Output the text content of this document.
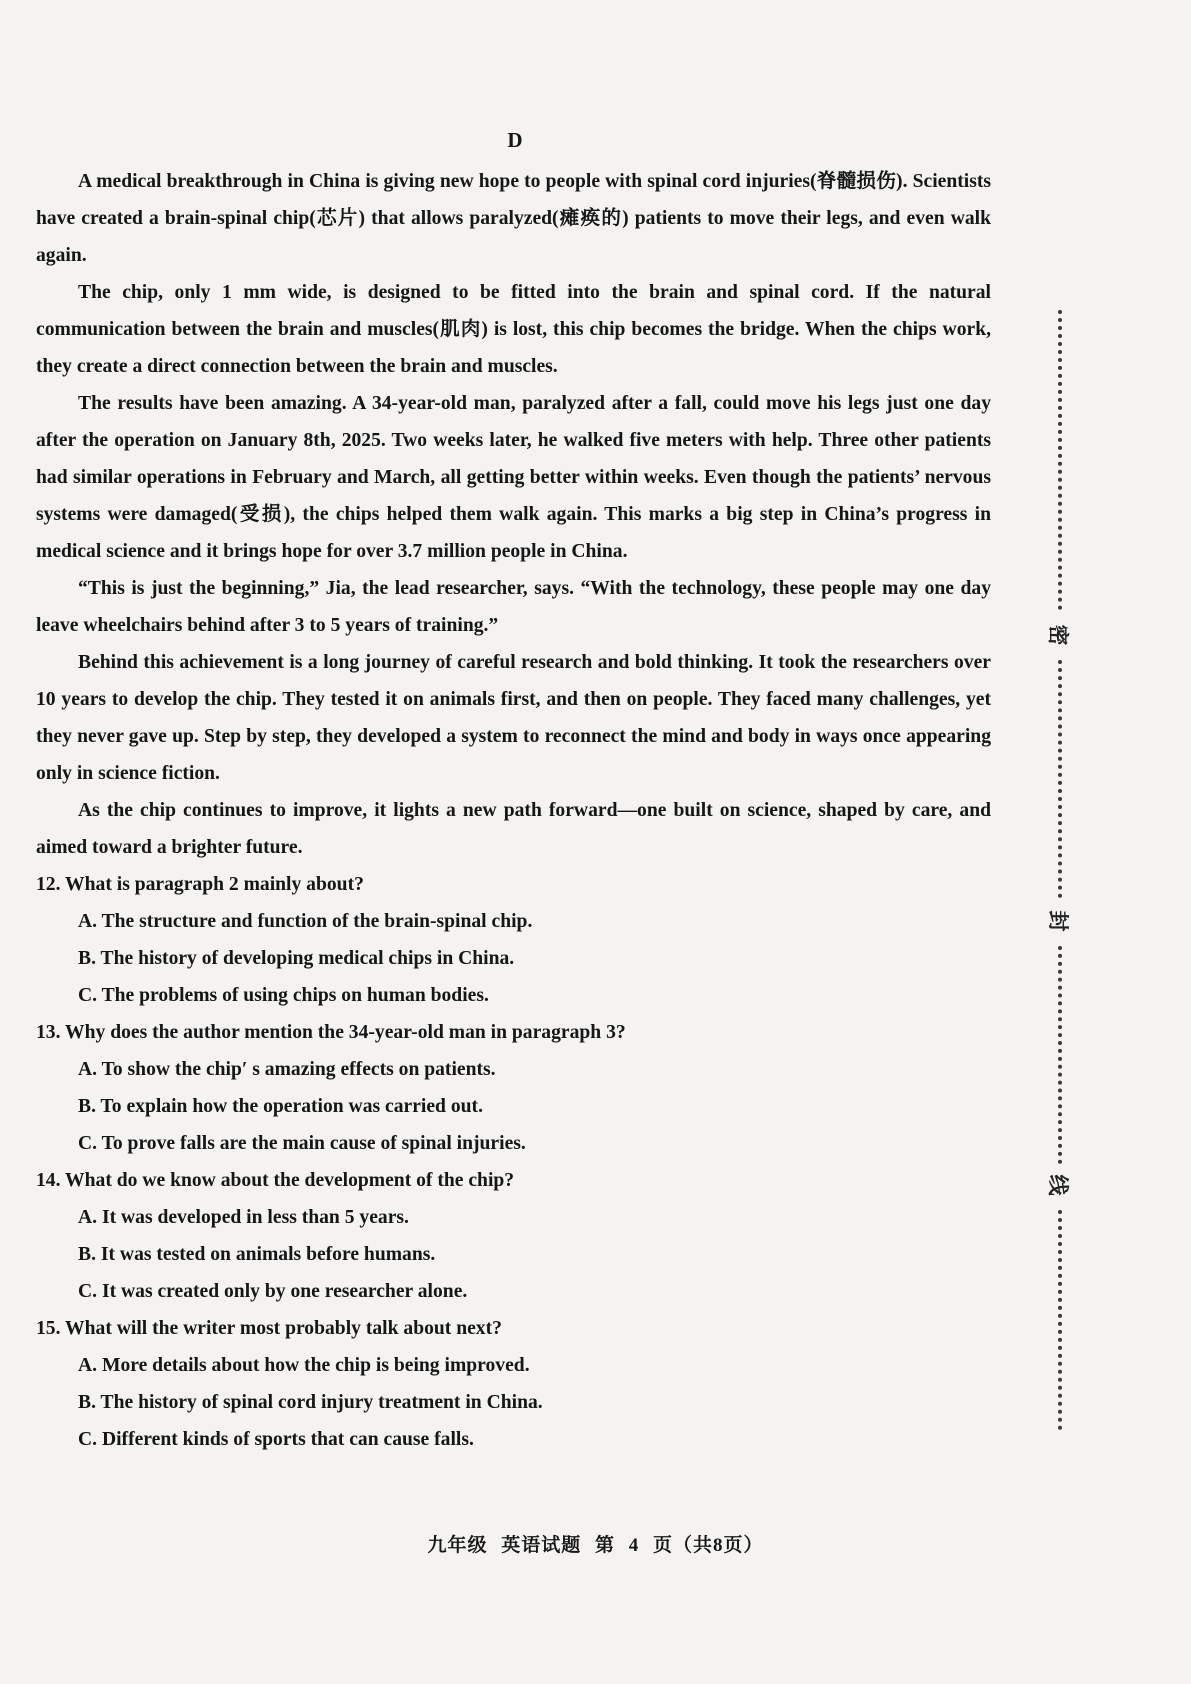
D

A medical breakthrough in China is giving new hope to people with spinal cord injuries(脊髓损伤). Scientists have created a brain-spinal chip(芯片) that allows paralyzed(瘫痪的) patients to move their legs, and even walk again.

The chip, only 1 mm wide, is designed to be fitted into the brain and spinal cord. If the natural communication between the brain and muscles(肌肉) is lost, this chip becomes the bridge. When the chips work, they create a direct connection between the brain and muscles.

The results have been amazing. A 34-year-old man, paralyzed after a fall, could move his legs just one day after the operation on January 8th, 2025. Two weeks later, he walked five meters with help. Three other patients had similar operations in February and March, all getting better within weeks. Even though the patients’ nervous systems were damaged(受损), the chips helped them walk again. This marks a big step in China’s progress in medical science and it brings hope for over 3.7 million people in China.

“This is just the beginning,” Jia, the lead researcher, says. “With the technology, these people may one day leave wheelchairs behind after 3 to 5 years of training.”

Behind this achievement is a long journey of careful research and bold thinking. It took the researchers over 10 years to develop the chip. They tested it on animals first, and then on people. They faced many challenges, yet they never gave up. Step by step, they developed a system to reconnect the mind and body in ways once appearing only in science fiction.

As the chip continues to improve, it lights a new path forward—one built on science, shaped by care, and aimed toward a brighter future.

12. What is paragraph 2 mainly about?
A. The structure and function of the brain-spinal chip.
B. The history of developing medical chips in China.
C. The problems of using chips on human bodies.
13. Why does the author mention the 34-year-old man in paragraph 3?
A. To show the chip′ s amazing effects on patients.
B. To explain how the operation was carried out.
C. To prove falls are the main cause of spinal injuries.
14. What do we know about the development of the chip?
A. It was developed in less than 5 years.
B. It was tested on animals before humans.
C. It was created only by one researcher alone.
15. What will the writer most probably talk about next?
A. More details about how the chip is being improved.
B. The history of spinal cord injury treatment in China.
C. Different kinds of sports that can cause falls.
密
封
线
九年级 英语试题 第 4 页（共8页）
